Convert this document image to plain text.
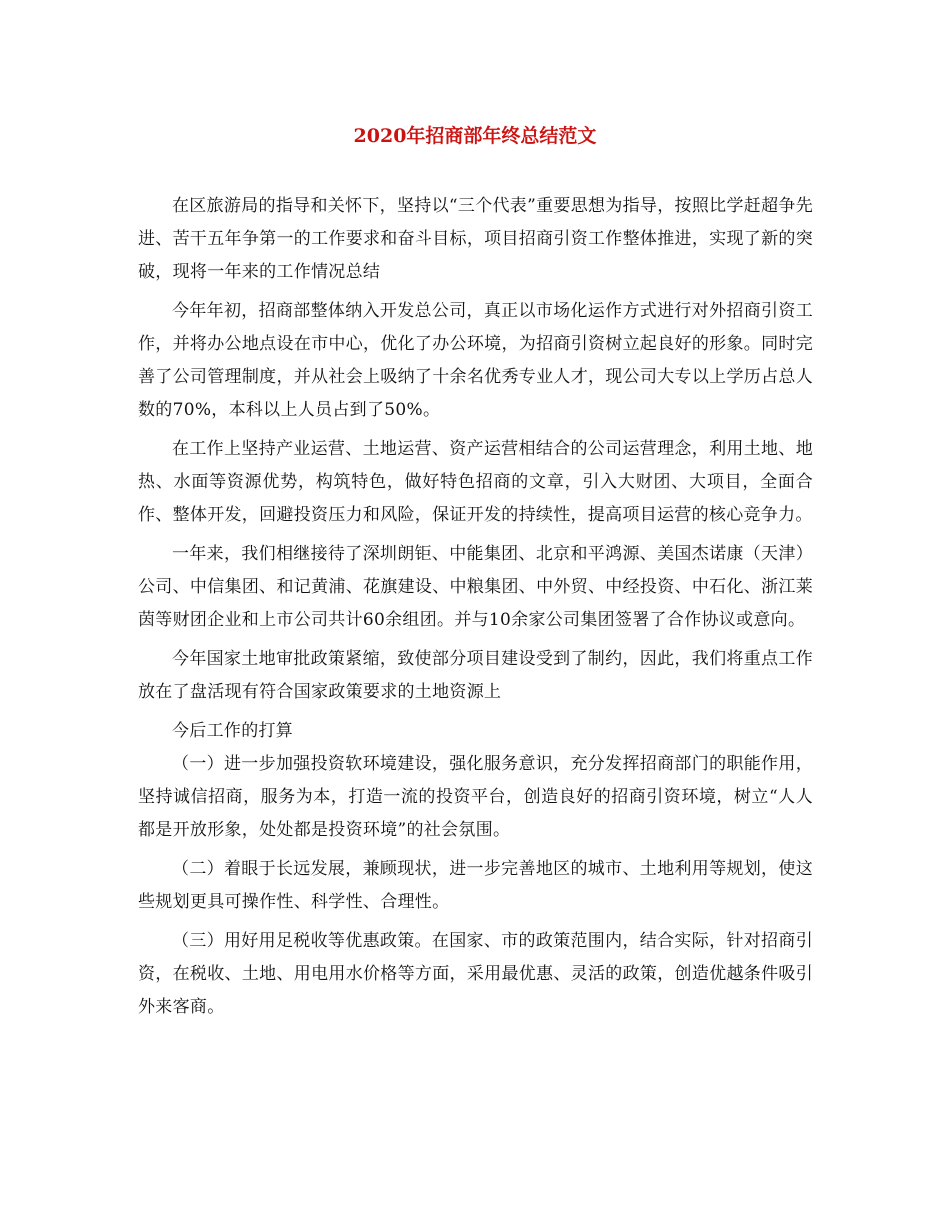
2020年招商部年终总结范文

在区旅游局的指导和关怀下，坚持以“三个代表”重要思想为指导，按照比学赶超争先进、苦干五年争第一的工作要求和奋斗目标，项目招商引资工作整体推进，实现了新的突破，现将一年来的工作情况总结

今年年初，招商部整体纳入开发总公司，真正以市场化运作方式进行对外招商引资工作，并将办公地点设在市中心，优化了办公环境，为招商引资树立起良好的形象。同时完善了公司管理制度，并从社会上吸纳了十余名优秀专业人才，现公司大专以上学历占总人数的70%，本科以上人员占到了50%。

在工作上坚持产业运营、土地运营、资产运营相结合的公司运营理念，利用土地、地热、水面等资源优势，构筑特色，做好特色招商的文章，引入大财团、大项目，全面合作、整体开发，回避投资压力和风险，保证开发的持续性，提高项目运营的核心竞争力。

一年来，我们相继接待了深圳朗钜、中能集团、北京和平鸿源、美国杰诺康（天津）公司、中信集团、和记黄浦、花旗建设、中粮集团、中外贸、中经投资、中石化、浙江莱茵等财团企业和上市公司共计60余组团。并与10余家公司集团签署了合作协议或意向。

今年国家土地审批政策紧缩，致使部分项目建设受到了制约，因此，我们将重点工作放在了盘活现有符合国家政策要求的土地资源上

今后工作的打算

（一）进一步加强投资软环境建设，强化服务意识，充分发挥招商部门的职能作用，坚持诚信招商，服务为本，打造一流的投资平台，创造良好的招商引资环境，树立“人人都是开放形象，处处都是投资环境”的社会氛围。

（二）着眼于长远发展，兼顾现状，进一步完善地区的城市、土地利用等规划，使这些规划更具可操作性、科学性、合理性。

（三）用好用足税收等优惠政策。在国家、市的政策范围内，结合实际，针对招商引资，在税收、土地、用电用水价格等方面，采用最优惠、灵活的政策，创造优越条件吸引外来客商。
